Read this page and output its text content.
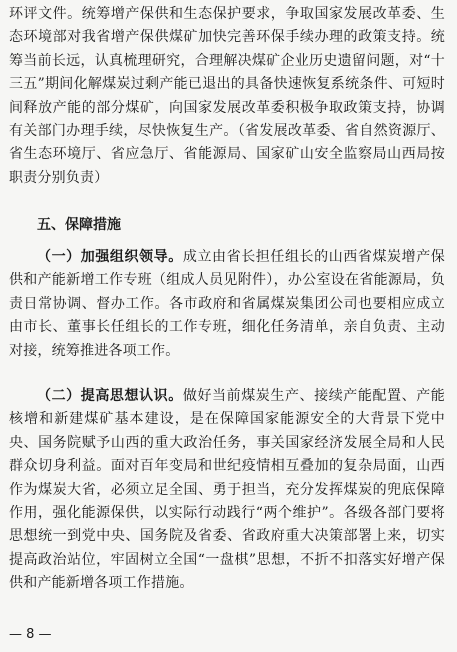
环评文件。统筹增产保供和生态保护要求，争取国家发展改革委、生态环境部对我省增产保供煤矿加快完善环保手续办理的政策支持。统筹当前长远，认真梳理研究，合理解决煤矿企业历史遗留问题，对“十三五”期间化解煤炭过剩产能已退出的具备快速恢复系统条件、可短时间释放产能的部分煤矿，向国家发展改革委积极争取政策支持，协调有关部门办理手续，尽快恢复生产。（省发展改革委、省自然资源厅、省生态环境厅、省应急厅、省能源局、国家矿山安全监察局山西局按职责分别负责）

五、保障措施

（一）加强组织领导。成立由省长担任组长的山西省煤炭增产保供和产能新增工作专班（组成人员见附件），办公室设在省能源局，负责日常协调、督办工作。各市政府和省属煤炭集团公司也要相应成立由市长、董事长任组长的工作专班，细化任务清单，亲自负责、主动对接，统筹推进各项工作。

（二）提高思想认识。做好当前煤炭生产、接续产能配置、产能核增和新建煤矿基本建设，是在保障国家能源安全的大背景下党中央、国务院赋予山西的重大政治任务，事关国家经济发展全局和人民群众切身利益。面对百年变局和世纪疫情相互叠加的复杂局面，山西作为煤炭大省，必须立足全国、勇于担当，充分发挥煤炭的兜底保障作用，强化能源保供，以实际行动践行“两个维护”。各级各部门要将思想统一到党中央、国务院及省委、省政府重大决策部署上来，切实提高政治站位，牢固树立全国“一盘棋”思想，不折不扣落实好增产保供和产能新增各项工作措施。

— 8 —
